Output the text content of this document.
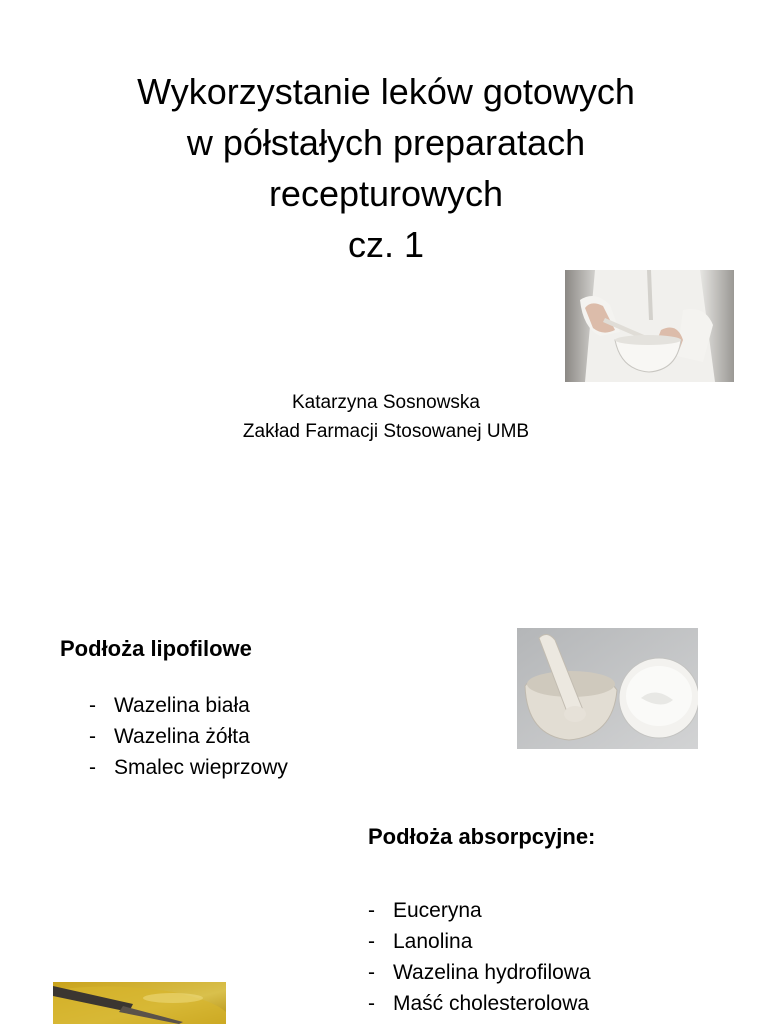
Wykorzystanie leków gotowych
w półstałych preparatach
recepturowych
cz. 1
Katarzyna Sosnowska
Zakład Farmacji Stosowanej UMB
Podłoża lipofilowe
- Wazelina biała
- Wazelina żółta
- Smalec wieprzowy
Podłoża absorpcyjne:
- Euceryna
- Lanolina
- Wazelina hydrofilowa
- Maść cholesterolowa
